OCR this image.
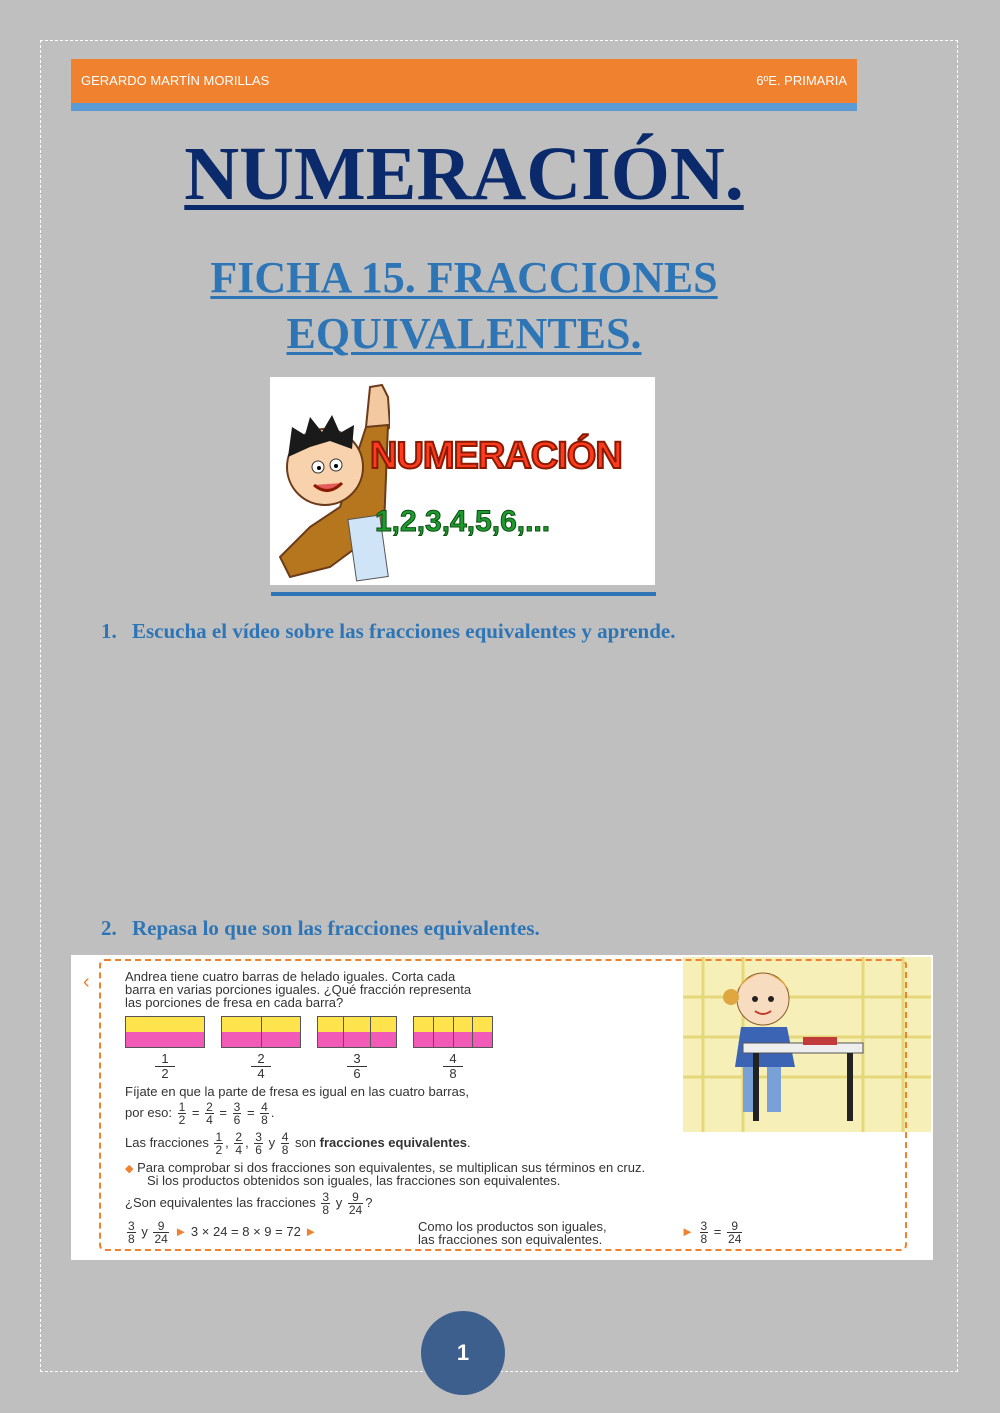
GERARDO MARTÍN MORILLAS	6ºE. PRIMARIA
NUMERACIÓN.
FICHA 15. FRACCIONES
EQUIVALENTES.
NUMERACIÓN
1,2,3,4,5,6,...
1. Escucha el vídeo sobre las fracciones equivalentes y aprende.
2. Repasa lo que son las fracciones equivalentes.
‹	Andrea tiene cuatro barras de helado iguales. Corta cada
barra en varias porciones iguales. ¿Qué fracción representa
las porciones de fresa en cada barra?
$\frac{1}{2}$	$\frac{2}{4}$	$\frac{3}{6}$	$\frac{4}{8}$
Fíjate en que la parte de fresa es igual en las cuatro barras,
por eso: $\frac{1}{2} = \frac{2}{4} = \frac{3}{6} = \frac{4}{8}$ .
Las fracciones $\frac{1}{2}$ , $\frac{2}{4}$ , $\frac{3}{6}$ y $\frac{4}{8}$ son fracciones equivalentes.
◆ Para comprobar si dos fracciones son equivalentes, se multiplican sus términos en cruz.
Si los productos obtenidos son iguales, las fracciones son equivalentes.
¿Son equivalentes las fracciones $\frac{3}{8}$ y $\frac{9}{24}$ ?
$\frac{3}{8}$ y $\frac{9}{24}$ ► 3 × 24 = 8 × 9 = 72 ►	Como los productos son iguales,
las fracciones son equivalentes.
► $\frac{3}{8} = \frac{9}{24}$
1
